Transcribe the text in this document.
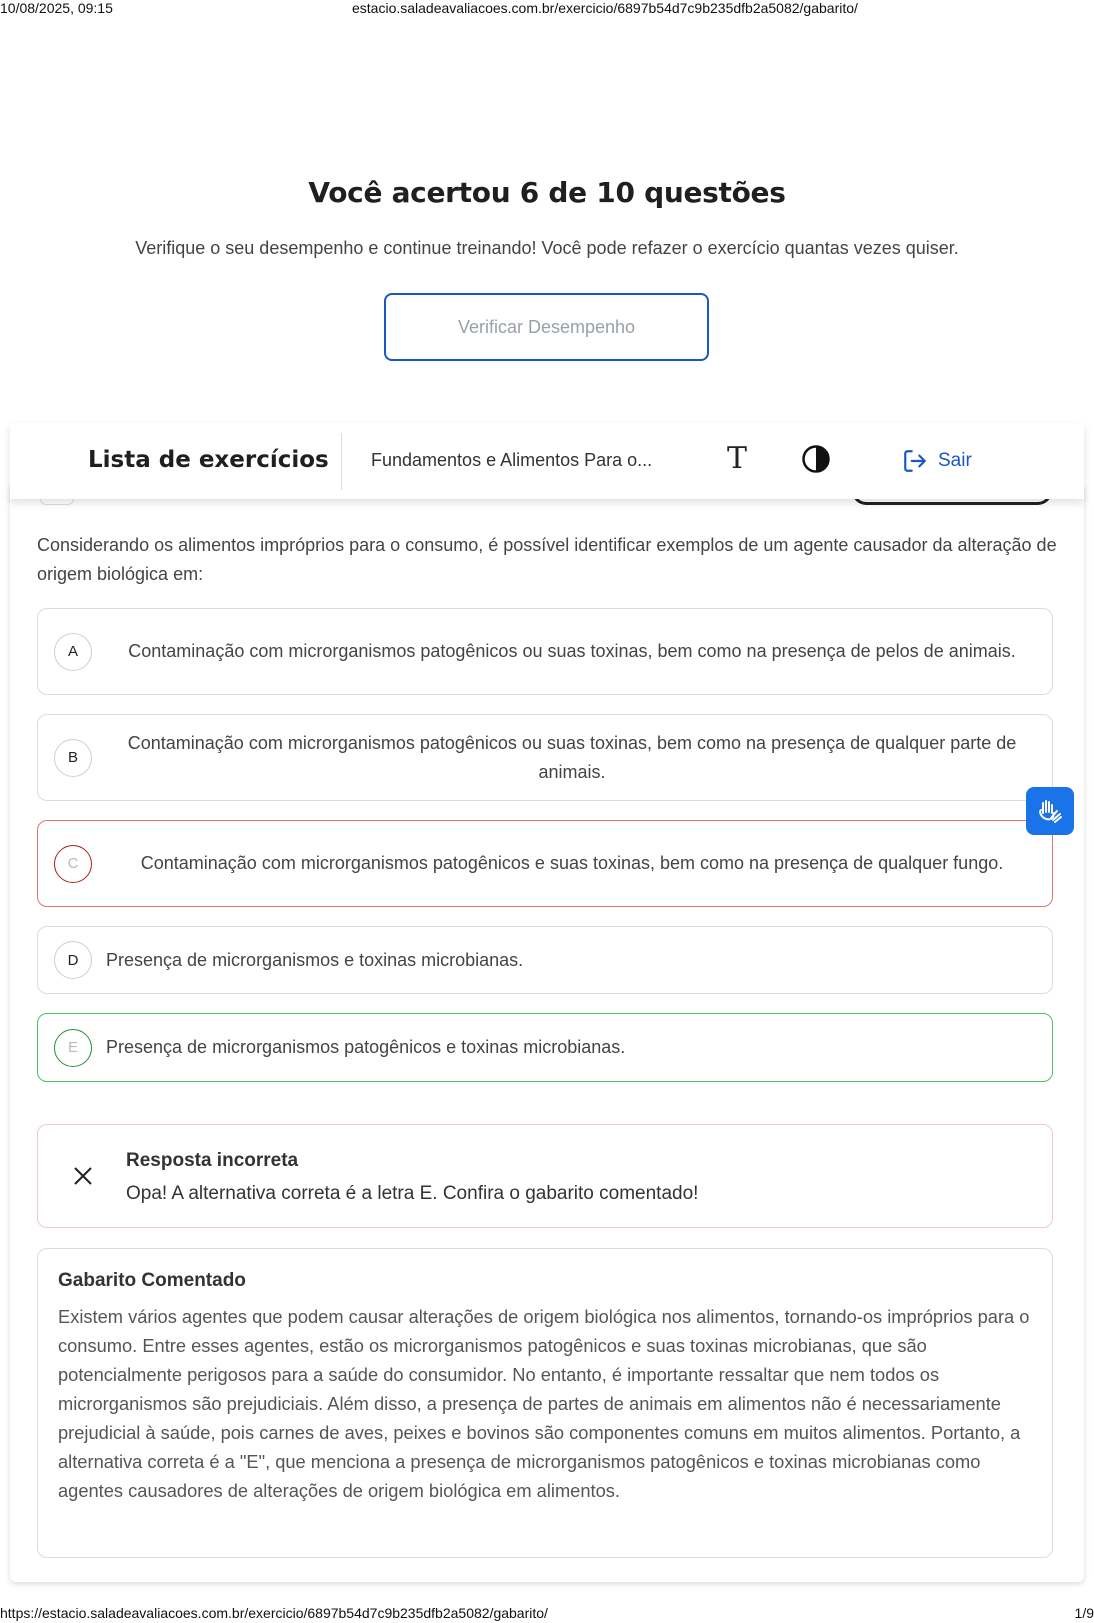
10/08/2025, 09:15	estacio.saladeavaliacoes.com.br/exercicio/6897b54d7c9b235dfb2a5082/gabarito/
Você acertou 6 de 10 questões

Verifique o seu desempenho e continue treinando! Você pode refazer o exercício quantas vezes quiser.

Verificar Desempenho
Lista de exercícios Fundamentos e Alimentos Para o...	T	Sair

Considerando os alimentos impróprios para o consumo, é possível identificar exemplos de um agente causador da alteração de origem biológica em:

A	Contaminação com microrganismos patogênicos ou suas toxinas, bem como na presença de pelos de animais.
B
Contaminação com microrganismos patogênicos ou suas toxinas, bem como na presença de qualquer parte de animais.
C	Contaminação com microrganismos patogênicos e suas toxinas, bem como na presença de qualquer fungo.
D	Presença de microrganismos e toxinas microbianas.
E	Presença de microrganismos patogênicos e toxinas microbianas.
Resposta incorreta
Opa! A alternativa correta é a letra E. Confira o gabarito comentado!
Gabarito Comentado

Existem vários agentes que podem causar alterações de origem biológica nos alimentos, tornando-os impróprios para o consumo. Entre esses agentes, estão os microrganismos patogênicos e suas toxinas microbianas, que são potencialmente perigosos para a saúde do consumidor. No entanto, é importante ressaltar que nem todos os microrganismos são prejudiciais. Além disso, a presença de partes de animais em alimentos não é necessariamente prejudicial à saúde, pois carnes de aves, peixes e bovinos são componentes comuns em muitos alimentos. Portanto, a alternativa correta é a "E", que menciona a presença de microrganismos patogênicos e toxinas microbianas como agentes causadores de alterações de origem biológica em alimentos.

https://estacio.saladeavaliacoes.com.br/exercicio/6897b54d7c9b235dfb2a5082/gabarito/	1/9
